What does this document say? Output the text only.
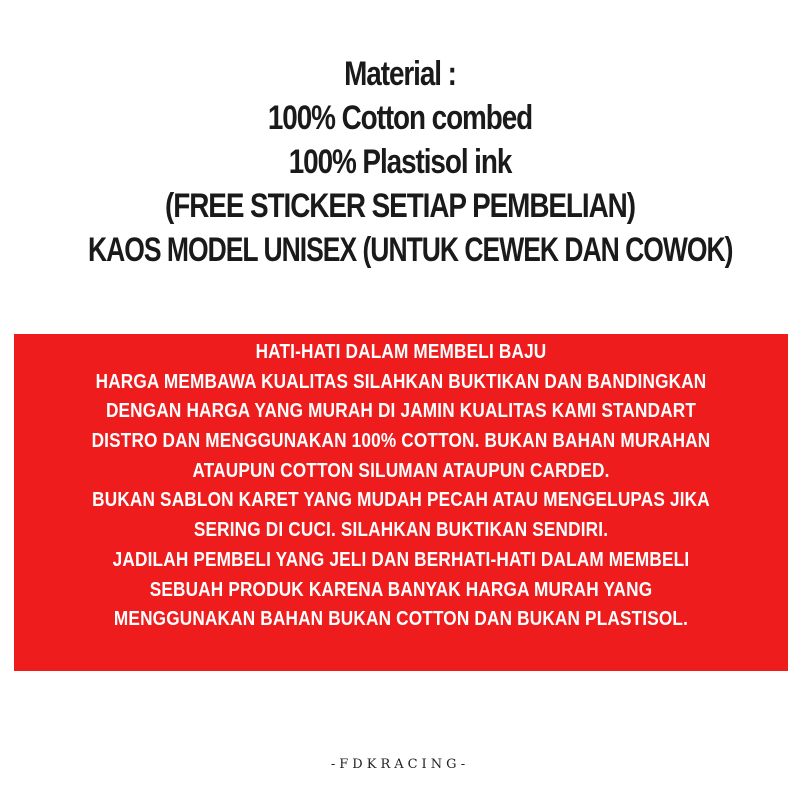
Material :
100% Cotton combed
100% Plastisol ink
(FREE STICKER SETIAP PEMBELIAN)
KAOS MODEL UNISEX (UNTUK CEWEK DAN COWOK)
HATI-HATI DALAM MEMBELI BAJU
HARGA MEMBAWA KUALITAS SILAHKAN BUKTIKAN DAN BANDINGKAN
DENGAN HARGA YANG MURAH DI JAMIN KUALITAS KAMI STANDART
DISTRO DAN MENGGUNAKAN 100% COTTON. BUKAN BAHAN MURAHAN
ATAUPUN COTTON SILUMAN ATAUPUN CARDED.
BUKAN SABLON KARET YANG MUDAH PECAH ATAU MENGELUPAS JIKA
SERING DI CUCI. SILAHKAN BUKTIKAN SENDIRI.
JADILAH PEMBELI YANG JELI DAN BERHATI-HATI DALAM MEMBELI
SEBUAH PRODUK KARENA BANYAK HARGA MURAH YANG
MENGGUNAKAN BAHAN BUKAN COTTON DAN BUKAN PLASTISOL.
-FDKRACING-
